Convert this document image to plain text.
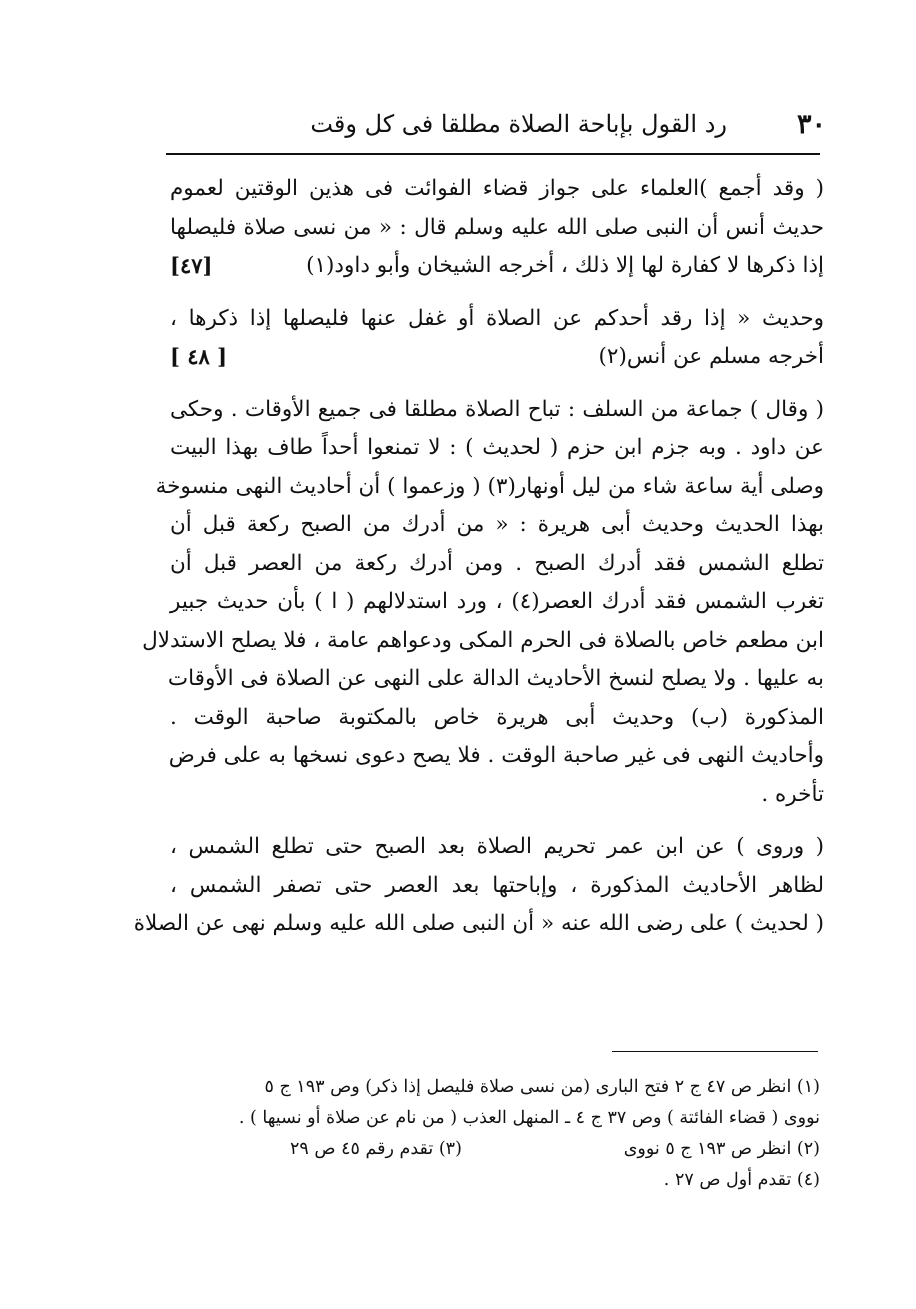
٣٠
رد القول بإباحة الصلاة مطلقا فى كل وقت
( وقد أجمع )العلماء على جواز قضاء الفوائت فى هذين الوقتين لعموم
حديث أنس أن النبى صلى الله عليه وسلم قال : « من نسى صلاة فليصلها
إذا ذكرها لا كفارة لها إلا ذلك ، أخرجه الشيخان وأبو داود(١)
[٤٧]
وحديث « إذا رقد أحدكم عن الصلاة أو غفل عنها فليصلها إذا ذكرها ،
أخرجه مسلم عن أنس(٢)
[ ٤٨ ]
( وقال ) جماعة من السلف : تباح الصلاة مطلقا فى جميع الأوقات . وحكى
عن داود . وبه جزم ابن حزم ( لحديث ) : لا تمنعوا أحداً طاف بهذا البيت
وصلى أية ساعة شاء من ليل أونهار(٣) ( وزعموا ) أن أحاديث النهى منسوخة
بهذا الحديث وحديث أبى هريرة : « من أدرك من الصبح ركعة قبل أن
تطلع الشمس فقد أدرك الصبح . ومن أدرك ركعة من العصر قبل أن
تغرب الشمس فقد أدرك العصر(٤) ، ورد استدلالهم ( ا ) بأن حديث جبير
ابن مطعم خاص بالصلاة فى الحرم المكى ودعواهم عامة ، فلا يصلح الاستدلال
به عليها . ولا يصلح لنسخ الأحاديث الدالة على النهى عن الصلاة فى الأوقات
المذكورة (ب) وحديث أبى هريرة خاص بالمكتوبة صاحبة الوقت .
وأحاديث النهى فى غير صاحبة الوقت . فلا يصح دعوى نسخها به على فرض
تأخره .
( وروى ) عن ابن عمر تحريم الصلاة بعد الصبح حتى تطلع الشمس ،
لظاهر الأحاديث المذكورة ، وإباحتها بعد العصر حتى تصفر الشمس ،
( لحديث ) على رضى الله عنه « أن النبى صلى الله عليه وسلم نهى عن الصلاة
(١) انظر ص ٤٧ ج ٢ فتح البارى (من نسى صلاة فليصل إذا ذكر) وص ١٩٣ ج ٥
نووى ( قضاء الفائتة ) وص ٣٧ ج ٤ ـ المنهل العذب ( من نام عن صلاة أو نسيها ) .
(٢) انظر ص ١٩٣ ج ٥ نووى
(٣) تقدم رقم ٤٥ ص ٢٩
(٤) تقدم أول ص ٢٧ .
